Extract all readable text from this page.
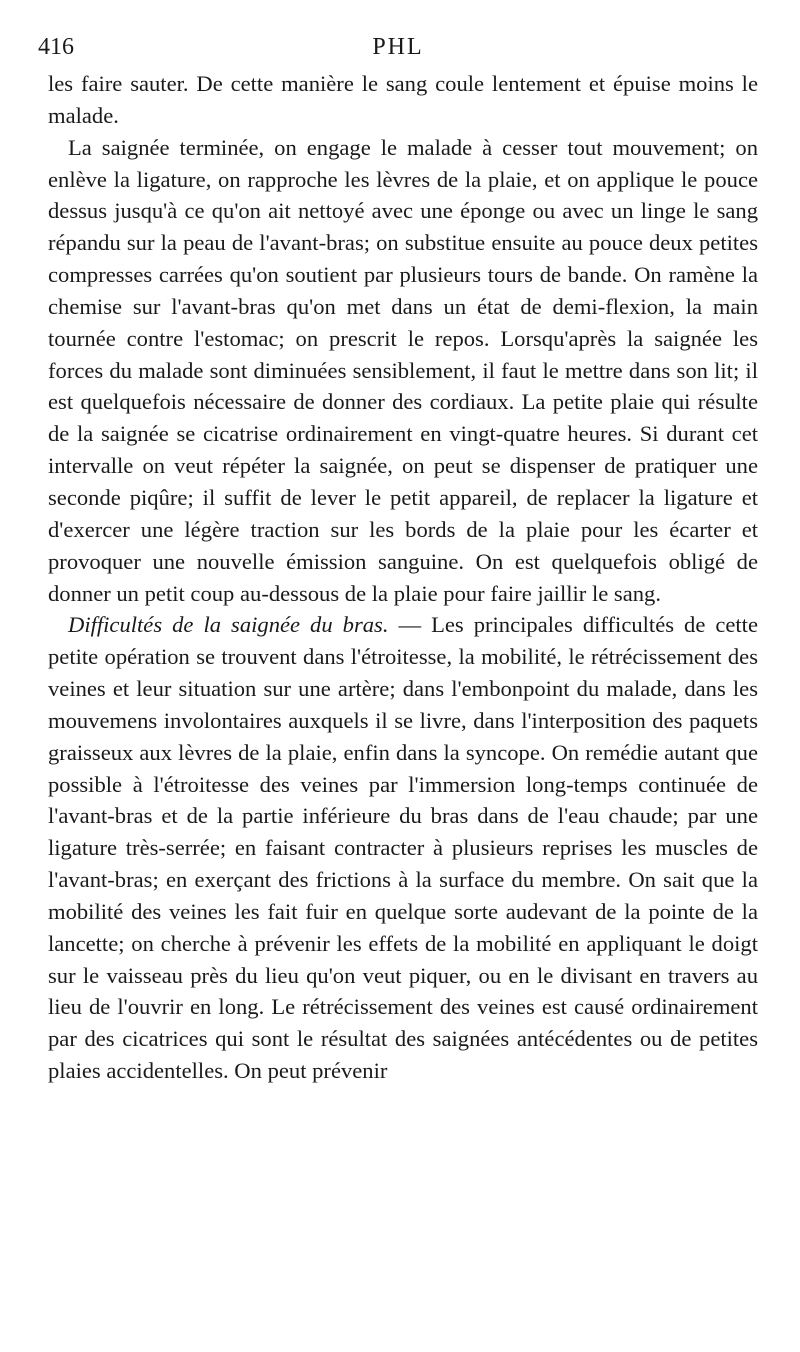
416	PHL

les faire sauter. De cette manière le sang coule lentement et épuise moins le malade.

La saignée terminée, on engage le malade à cesser tout mouvement; on enlève la ligature, on rapproche les lèvres de la plaie, et on applique le pouce dessus jusqu'à ce qu'on ait nettoyé avec une éponge ou avec un linge le sang répandu sur la peau de l'avant-bras; on substitue ensuite au pouce deux petites compresses carrées qu'on soutient par plusieurs tours de bande. On ramène la chemise sur l'avant-bras qu'on met dans un état de demi-flexion, la main tournée contre l'estomac; on prescrit le repos. Lorsqu'après la saignée les forces du malade sont diminuées sensiblement, il faut le mettre dans son lit; il est quelquefois nécessaire de donner des cordiaux. La petite plaie qui résulte de la saignée se cicatrise ordinairement en vingt-quatre heures. Si durant cet intervalle on veut répéter la saignée, on peut se dispenser de pratiquer une seconde piqûre; il suffit de lever le petit appareil, de replacer la ligature et d'exercer une légère traction sur les bords de la plaie pour les écarter et provoquer une nouvelle émission sanguine. On est quelquefois obligé de donner un petit coup au-dessous de la plaie pour faire jaillir le sang.

Difficultés de la saignée du bras. — Les principales difficultés de cette petite opération se trouvent dans l'étroitesse, la mobilité, le rétrécissement des veines et leur situation sur une artère; dans l'embonpoint du malade, dans les mouvemens involontaires auxquels il se livre, dans l'interposition des paquets graisseux aux lèvres de la plaie, enfin dans la syncope. On remédie autant que possible à l'étroitesse des veines par l'immersion long-temps continuée de l'avant-bras et de la partie inférieure du bras dans de l'eau chaude; par une ligature très-serrée; en faisant contracter à plusieurs reprises les muscles de l'avant-bras; en exerçant des frictions à la surface du membre. On sait que la mobilité des veines les fait fuir en quelque sorte audevant de la pointe de la lancette; on cherche à prévenir les effets de la mobilité en appliquant le doigt sur le vaisseau près du lieu qu'on veut piquer, ou en le divisant en travers au lieu de l'ouvrir en long. Le rétrécissement des veines est causé ordinairement par des cicatrices qui sont le résultat des saignées antécédentes ou de petites plaies accidentelles. On peut prévenir
